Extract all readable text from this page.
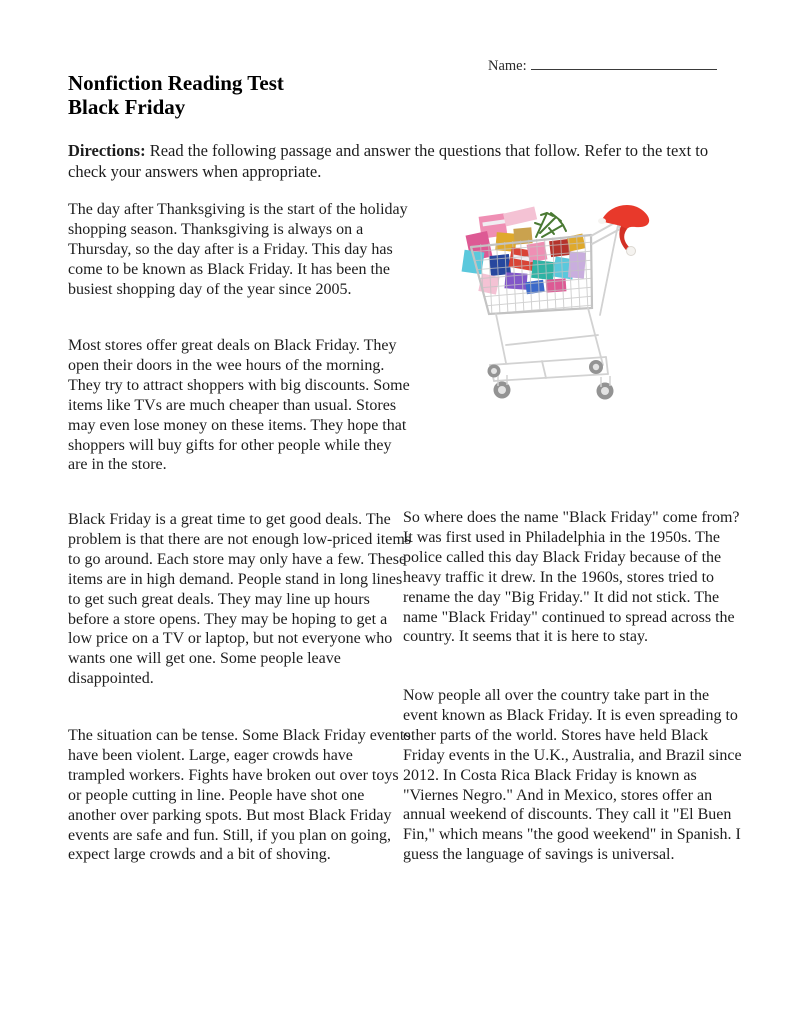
Name:
Nonfiction Reading Test
Black Friday
Directions: Read the following passage and answer the questions that follow. Refer to the text to check your answers when appropriate.
The day after Thanksgiving is the start of the holiday shopping season. Thanksgiving is always on a Thursday, so the day after is a Friday. This day has come to be known as Black Friday. It has been the busiest shopping day of the year since 2005.
Most stores offer great deals on Black Friday. They open their doors in the wee hours of the morning. They try to attract shoppers with big discounts. Some items like TVs are much cheaper than usual. Stores may even lose money on these items. They hope that shoppers will buy gifts for other people while they are in the store.
Black Friday is a great time to get good deals. The problem is that there are not enough low-priced items to go around. Each store may only have a few. These items are in high demand. People stand in long lines to get such great deals. They may line up hours before a store opens. They may be hoping to get a low price on a TV or laptop, but not everyone who wants one will get one. Some people leave disappointed.
The situation can be tense. Some Black Friday events have been violent. Large, eager crowds have trampled workers. Fights have broken out over toys or people cutting in line. People have shot one another over parking spots. But most Black Friday events are safe and fun. Still, if you plan on going, expect large crowds and a bit of shoving.
So where does the name "Black Friday" come from? It was first used in Philadelphia in the 1950s. The police called this day Black Friday because of the heavy traffic it drew. In the 1960s, stores tried to rename the day "Big Friday." It did not stick. The name "Black Friday" continued to spread across the country. It seems that it is here to stay.
Now people all over the country take part in the event known as Black Friday. It is even spreading to other parts of the world. Stores have held Black Friday events in the U.K., Australia, and Brazil since 2012. In Costa Rica Black Friday is known as "Viernes Negro." And in Mexico, stores offer an annual weekend of discounts. They call it "El Buen Fin," which means "the good weekend" in Spanish. I guess the language of savings is universal.
